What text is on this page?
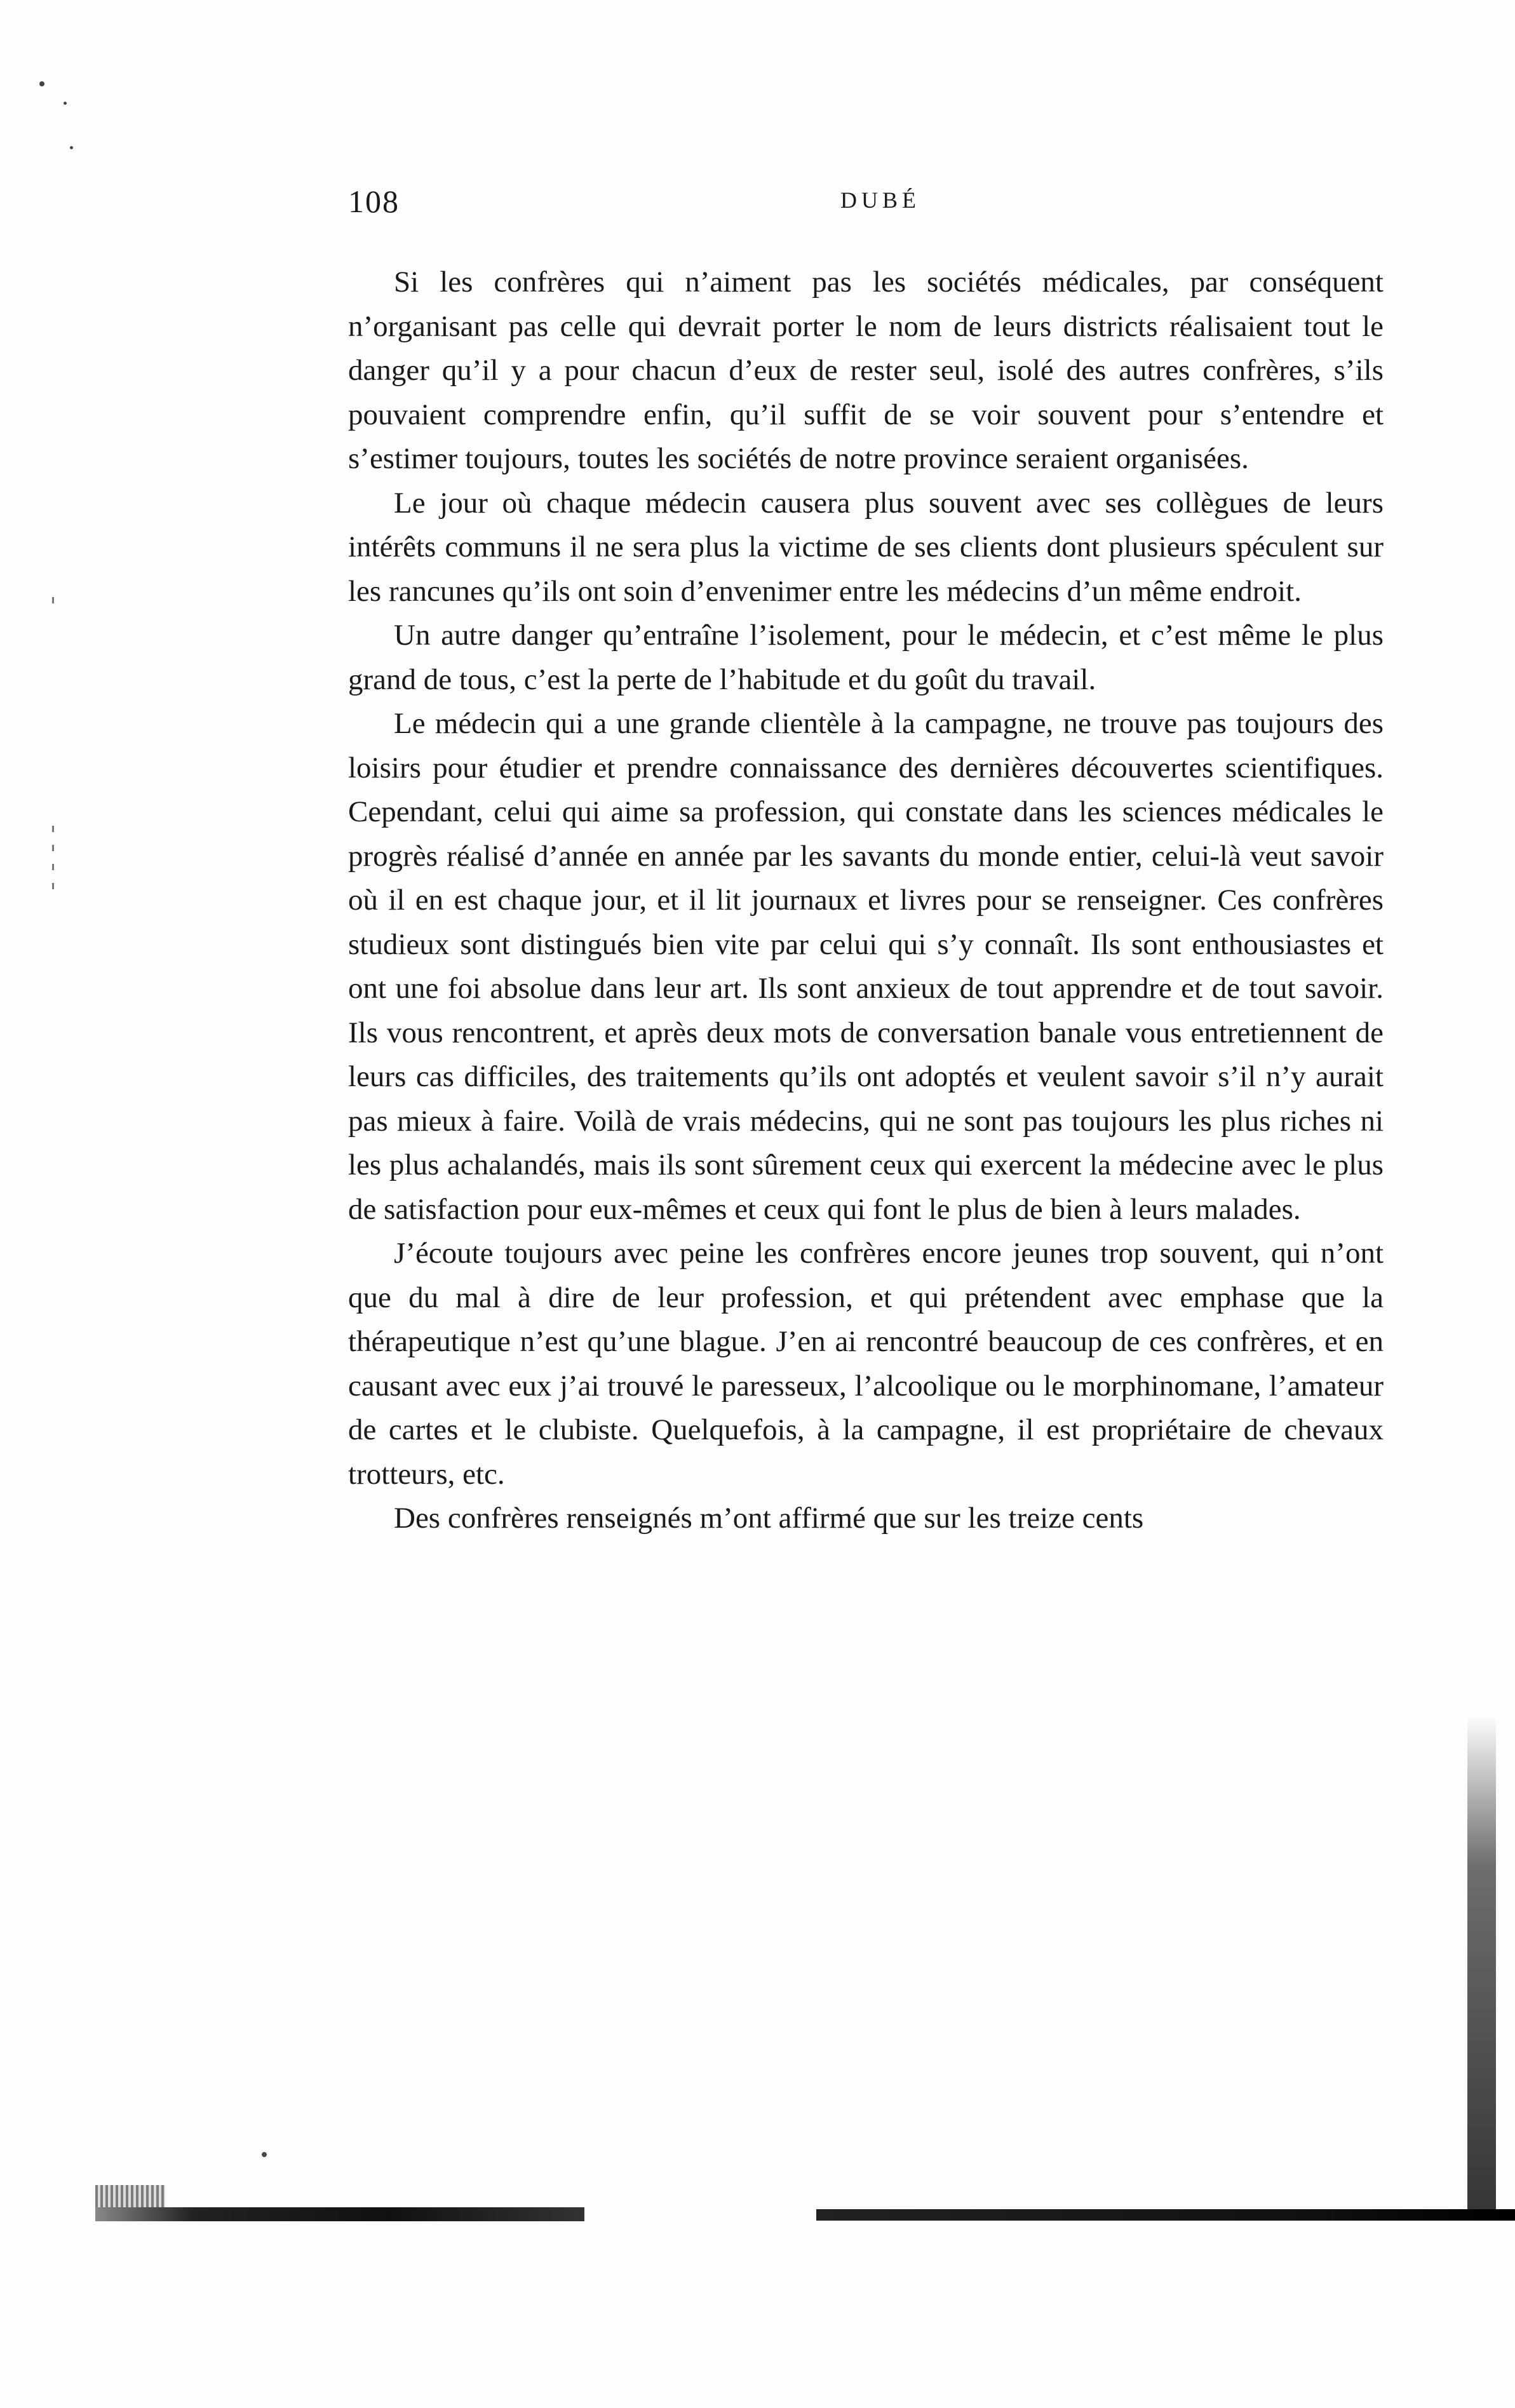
108	DUBÉ

Si les confrères qui n’aiment pas les sociétés médicales, par conséquent n’organisant pas celle qui devrait porter le nom de leurs districts réalisaient tout le danger qu’il y a pour chacun d’eux de rester seul, isolé des autres confrères, s’ils pouvaient comprendre enfin, qu’il suffit de se voir souvent pour s’entendre et s’estimer toujours, toutes les sociétés de notre province seraient organisées.

Le jour où chaque médecin causera plus souvent avec ses collègues de leurs intérêts communs il ne sera plus la victime de ses clients dont plusieurs spéculent sur les rancunes qu’ils ont soin d’envenimer entre les médecins d’un même endroit.

Un autre danger qu’entraîne l’isolement, pour le médecin, et c’est même le plus grand de tous, c’est la perte de l’habitude et du goût du travail.

Le médecin qui a une grande clientèle à la campagne, ne trouve pas toujours des loisirs pour étudier et prendre connaissance des dernières découvertes scientifiques. Cependant, celui qui aime sa profession, qui constate dans les sciences médicales le progrès réalisé d’année en année par les savants du monde entier, celui-là veut savoir où il en est chaque jour, et il lit journaux et livres pour se renseigner. Ces confrères studieux sont distingués bien vite par celui qui s’y connaît. Ils sont enthousiastes et ont une foi absolue dans leur art. Ils sont anxieux de tout apprendre et de tout savoir. Ils vous rencontrent, et après deux mots de conversation banale vous entretiennent de leurs cas difficiles, des traitements qu’ils ont adoptés et veulent savoir s’il n’y aurait pas mieux à faire. Voilà de vrais médecins, qui ne sont pas toujours les plus riches ni les plus achalandés, mais ils sont sûrement ceux qui exercent la médecine avec le plus de satisfaction pour eux-mêmes et ceux qui font le plus de bien à leurs malades.

J’écoute toujours avec peine les confrères encore jeunes trop souvent, qui n’ont que du mal à dire de leur profession, et qui prétendent avec emphase que la thérapeutique n’est qu’une blague. J’en ai rencontré beaucoup de ces confrères, et en causant avec eux j’ai trouvé le paresseux, l’alcoolique ou le morphinomane, l’amateur de cartes et le clubiste. Quelquefois, à la campagne, il est propriétaire de chevaux trotteurs, etc.

Des confrères renseignés m’ont affirmé que sur les treize cents
